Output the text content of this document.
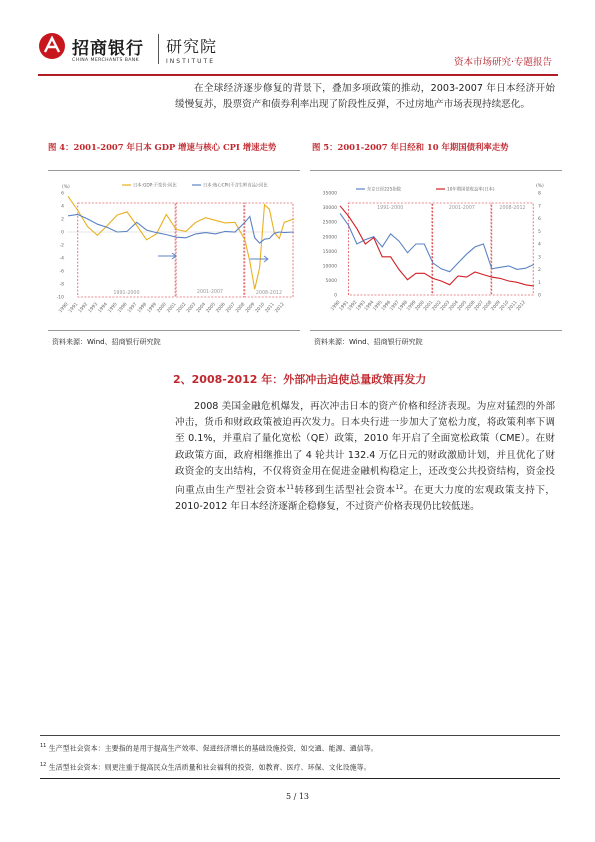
招商银行
CHINA MERCHANTS BANK
研究院
INSTITUTE	资本市场研究·专题报告
在全球经济逐步修复的背景下，叠加多项政策的推动，2003-2007 年日本经济开始缓慢复苏，股票资产和债券利率出现了阶段性反弹，不过房地产市场表现持续恶化。
图 4：2001-2007 年日本 GDP 增速与核心 CPI 增速走势	图 5：2001-2007 年日经和 10 年期国债利率走势
6
4
2
0
-2
-4
-6
-8
-10
(%)
1991-2000	2001-2007	2008-2012
1990
1991
1992
1993
1994
1995
1996
1997
1998
1999
2000
2001
2002
2003
2004
2005
2006
2007
2008
2009
2010
2011
2012
日本:GDP:不变价:同比	日本:核心CPI(不含生鲜食品):同比
35000
30000
25000
20000
15000
10000
5000
0
8
7
6
5
4
3
2
1
0
(%)
1991-2000	2001-2007	2008-2012
1990
1991
1992
1993
1994
1995
1996
1997
1998
1999
2000
2001
2002
2003
2004
2005
2006
2007
2008
2009
2010
2011
2012
东京日经225指数	10年期国债收益率(日本)
资料来源：Wind、招商银行研究院	资料来源：Wind、招商银行研究院
2、2008-2012 年：外部冲击迫使总量政策再发力
2008 美国金融危机爆发，再次冲击日本的资产价格和经济表现。为应对猛烈的外部冲击，货币和财政政策被迫再次发力。日本央行进一步加大了宽松力度，将政策利率下调至 0.1%，并重启了量化宽松（QE）政策，2010 年开启了全面宽松政策（CME）。在财政政策方面，政府相继推出了 4 轮共计 132.4 万亿日元的财政激励计划，并且优化了财政资金的支出结构，不仅将资金用在促进金融机构稳定上，还改变公共投资结构，资金投向重点由生产型社会资本$^{11}$转移到生活型社会资本$^{12}$。在更大力度的宏观政策支持下，2010-2012 年日本经济逐渐企稳修复，不过资产价格表现仍比较低迷。
$^{11}$ 生产型社会资本：主要指的是用于提高生产效率、促进经济增长的基础设施投资，如交通、能源、通信等。
$^{12}$ 生活型社会资本：则更注重于提高民众生活质量和社会福利的投资，如教育、医疗、环保、文化设施等。
5 / 13
